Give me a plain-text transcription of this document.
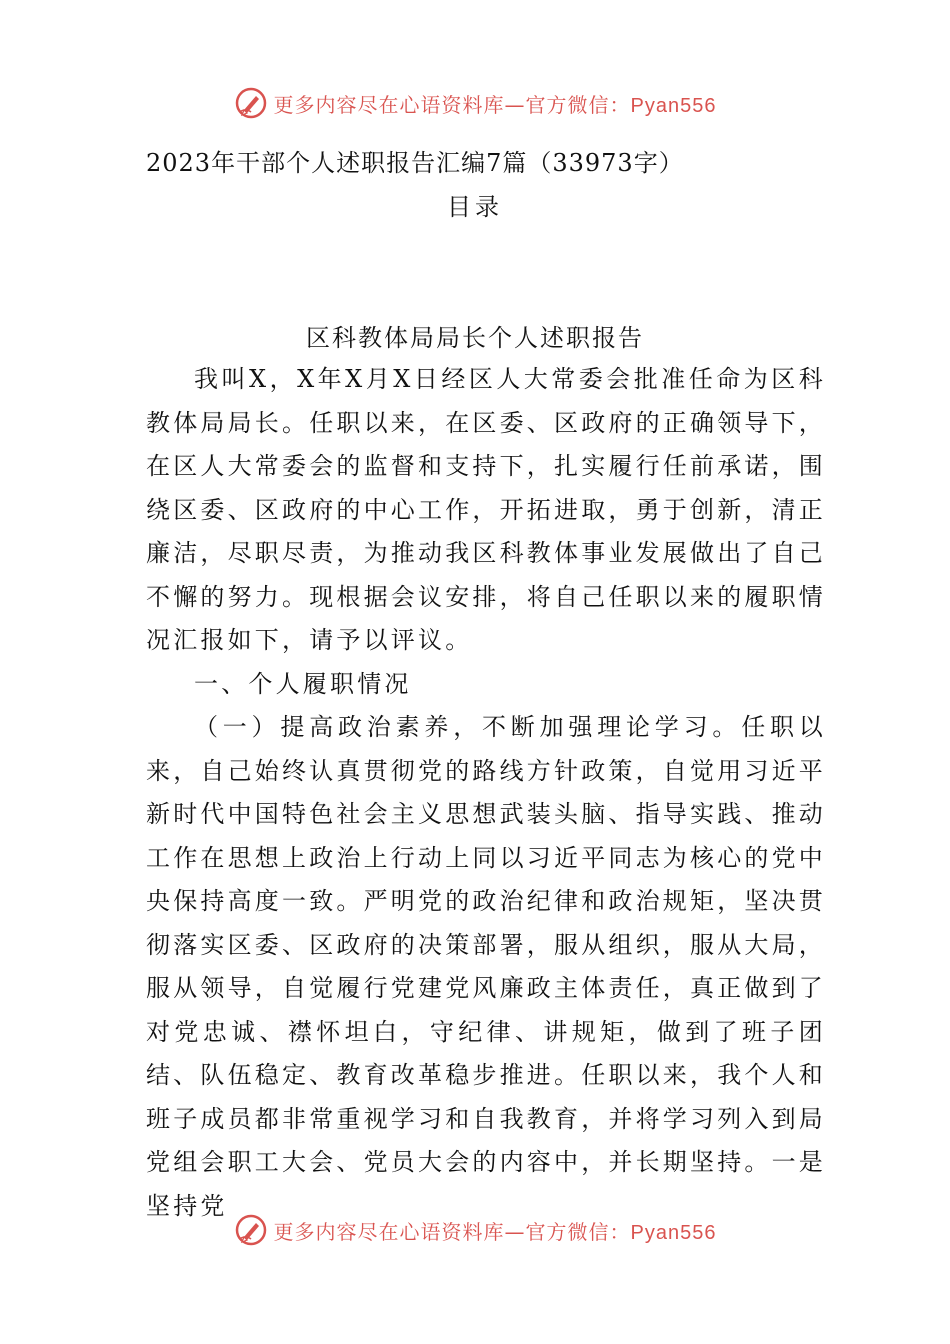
更多内容尽在心语资料库—官方微信：Pyan556
2023年干部个人述职报告汇编7篇（33973字）
目录
区科教体局局长个人述职报告

我叫X，X年X月X日经区人大常委会批准任命为区科教体局局长。任职以来，在区委、区政府的正确领导下，在区人大常委会的监督和支持下，扎实履行任前承诺，围绕区委、区政府的中心工作，开拓进取，勇于创新，清正廉洁，尽职尽责，为推动我区科教体事业发展做出了自己不懈的努力。现根据会议安排，将自己任职以来的履职情况汇报如下，请予以评议。

一、个人履职情况

（一）提高政治素养，不断加强理论学习。任职以来，自己始终认真贯彻党的路线方针政策，自觉用习近平新时代中国特色社会主义思想武装头脑、指导实践、推动工作在思想上政治上行动上同以习近平同志为核心的党中央保持高度一致。严明党的政治纪律和政治规矩，坚决贯彻落实区委、区政府的决策部署，服从组织，服从大局，服从领导，自觉履行党建党风廉政主体责任，真正做到了对党忠诚、襟怀坦白，守纪律、讲规矩，做到了班子团结、队伍稳定、教育改革稳步推进。任职以来，我个人和班子成员都非常重视学习和自我教育，并将学习列入到局党组会职工大会、党员大会的内容中，并长期坚持。一是坚持党

更多内容尽在心语资料库—官方微信：Pyan556
